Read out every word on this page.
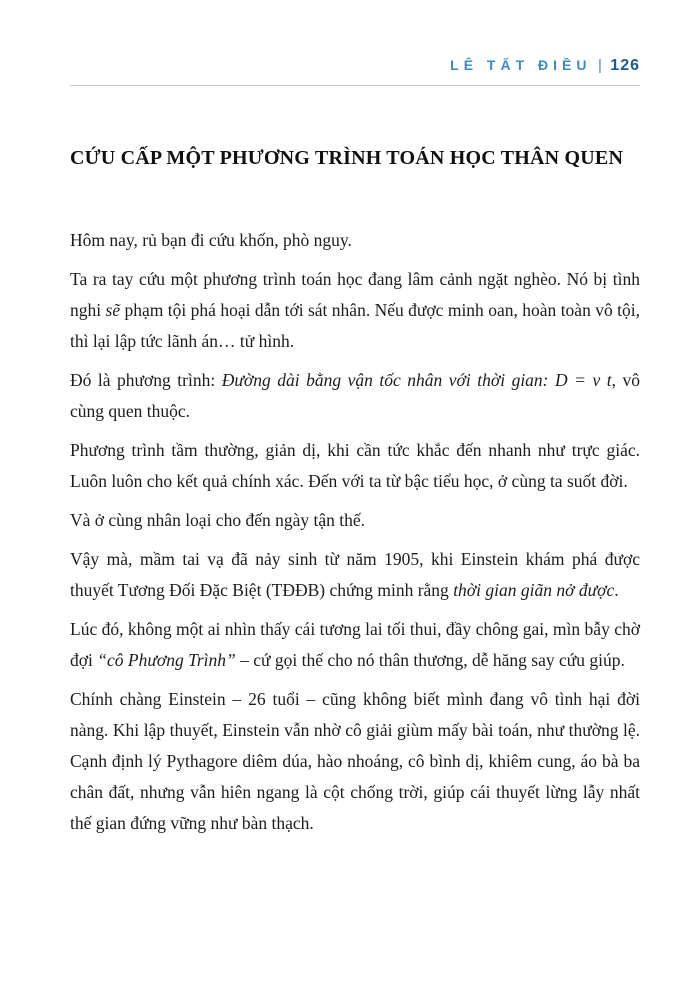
LÊ TẤT ĐIỀU | 126
CỨU CẤP MỘT PHƯƠNG TRÌNH TOÁN HỌC THÂN QUEN

Hôm nay, rủ bạn đi cứu khốn, phò nguy.

Ta ra tay cứu một phương trình toán học đang lâm cảnh ngặt nghèo. Nó bị tình nghi sẽ phạm tội phá hoại dẫn tới sát nhân. Nếu được minh oan, hoàn toàn vô tội, thì lại lập tức lãnh án… tử hình.

Đó là phương trình: Đường dài bằng vận tốc nhân với thời gian: D = v t, vô cùng quen thuộc.

Phương trình tầm thường, giản dị, khi cần tức khắc đến nhanh như trực giác. Luôn luôn cho kết quả chính xác. Đến với ta từ bậc tiểu học, ở cùng ta suốt đời.

Và ở cùng nhân loại cho đến ngày tận thế.

Vậy mà, mầm tai vạ đã nảy sinh từ năm 1905, khi Einstein khám phá được thuyết Tương Đối Đặc Biệt (TĐĐB) chứng minh rằng thời gian giãn nở được.

Lúc đó, không một ai nhìn thấy cái tương lai tối thui, đầy chông gai, mìn bẫy chờ đợi “cô Phương Trình” – cứ gọi thế cho nó thân thương, dễ hăng say cứu giúp.

Chính chàng Einstein – 26 tuổi – cũng không biết mình đang vô tình hại đời nàng. Khi lập thuyết, Einstein vẫn nhờ cô giải giùm mấy bài toán, như thường lệ. Cạnh định lý Pythagore diêm dúa, hào nhoáng, cô bình dị, khiêm cung, áo bà ba chân đất, nhưng vẫn hiên ngang là cột chống trời, giúp cái thuyết lừng lẫy nhất thế gian đứng vững như bàn thạch.
